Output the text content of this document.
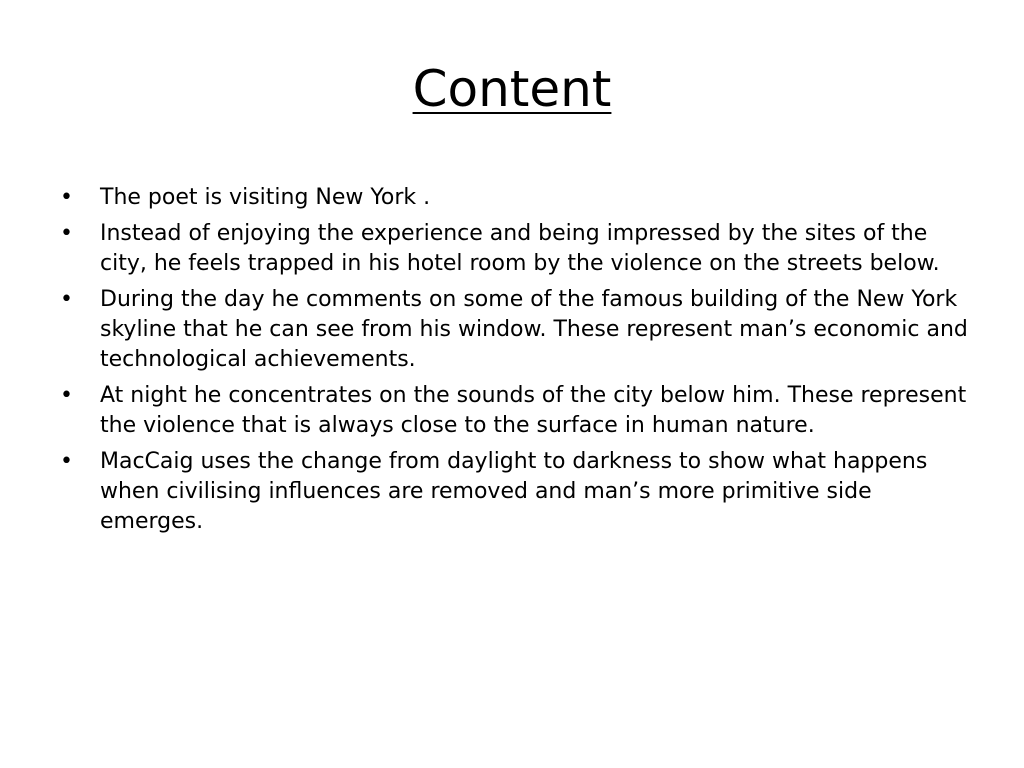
Content
•	The poet is visiting New York .
•	Instead of enjoying the experience and being impressed by the sites of the city, he feels trapped in his hotel room by the violence on the streets below.
•	During the day he comments on some of the famous building of the New York skyline that he can see from his window. These represent man’s economic and technological achievements.
•	At night he concentrates on the sounds of the city below him. These represent the violence that is always close to the surface in human nature.
•	MacCaig uses the change from daylight to darkness to show what happens when civilising influences are removed and man’s more primitive side emerges.
